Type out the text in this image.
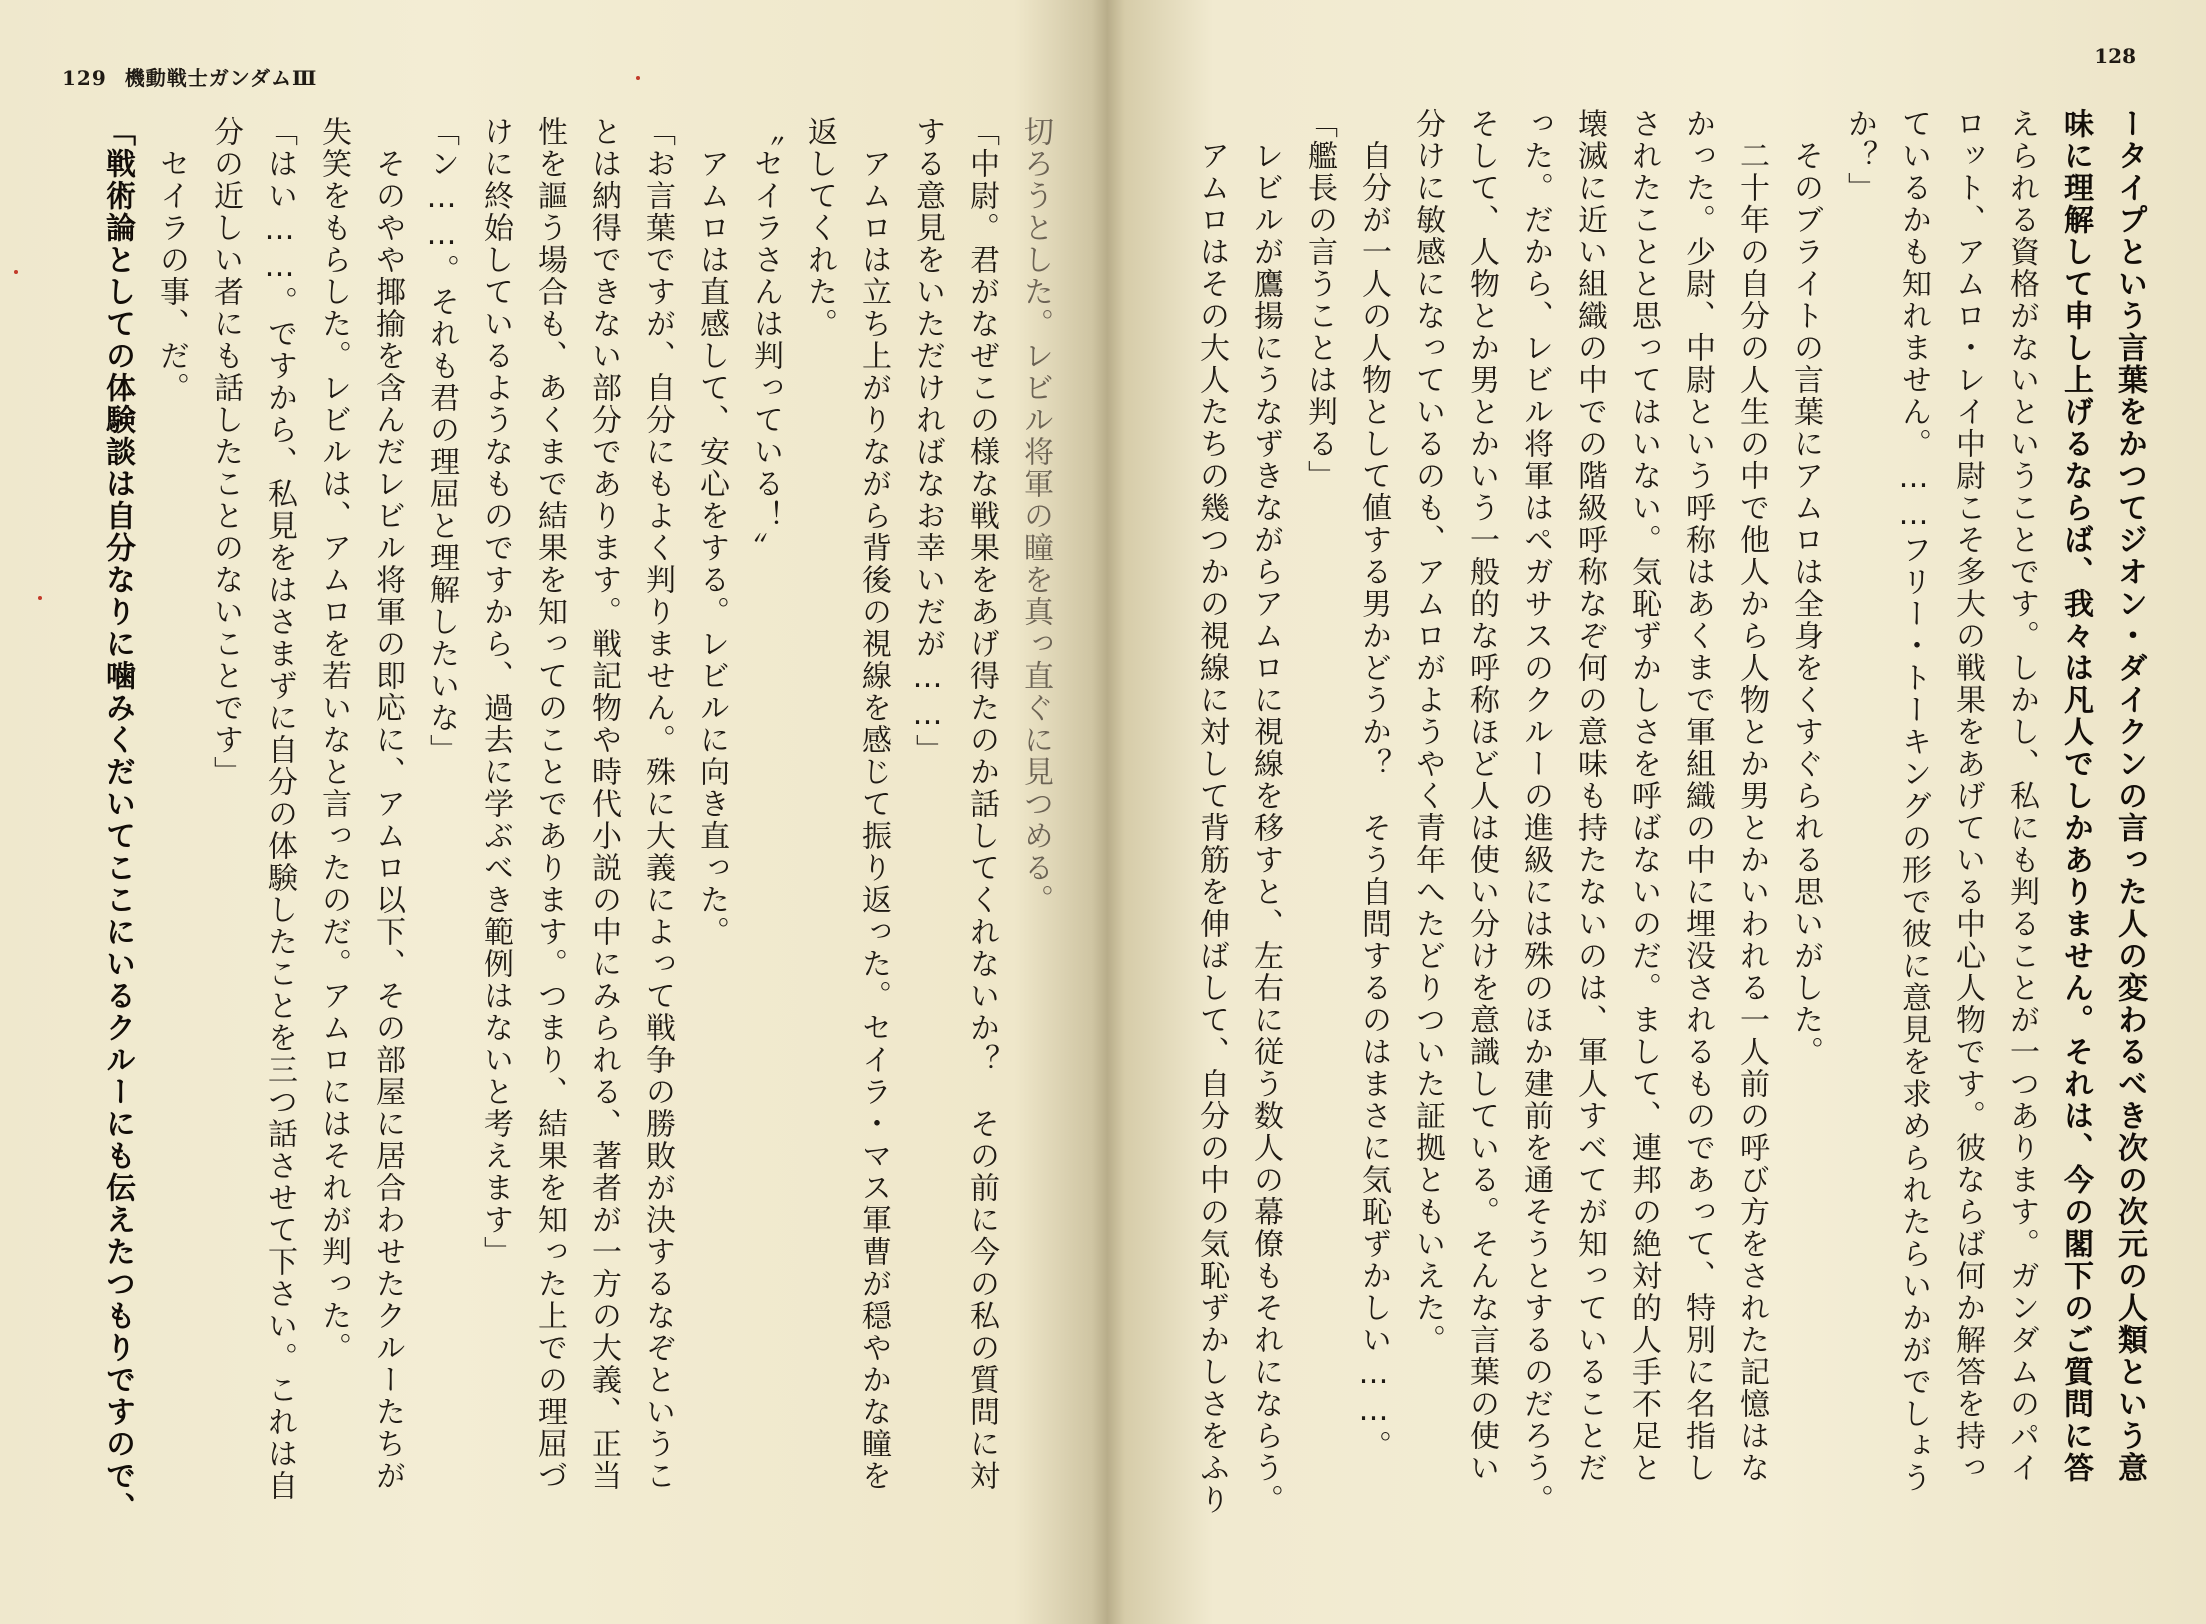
129 機動戦士ガンダムⅢ
切ろうとした。レビル将軍の瞳を真っ直ぐに見つめる。
「中尉。君がなぜこの様な戦果をあげ得たのか話してくれないか？　その前に今の私の質問に対
する意見をいただければなお幸いだが……」
　アムロは立ち上がりながら背後の視線を感じて振り返った。セイラ・マス軍曹が穏やかな瞳を
返してくれた。
〝セイラさんは判っている！〟
　アムロは直感して、安心をする。レビルに向き直った。
「お言葉ですが、自分にもよく判りません。殊に大義によって戦争の勝敗が決するなぞというこ
とは納得できない部分であります。戦記物や時代小説の中にみられる、著者が一方の大義、正当
性を謳う場合も、あくまで結果を知ってのことであります。つまり、結果を知った上での理屈づ
けに終始しているようなものですから、過去に学ぶべき範例はないと考えます」
「ン……。それも君の理屈と理解したいな」
　そのやや揶揄を含んだレビル将軍の即応に、アムロ以下、その部屋に居合わせたクルーたちが
失笑をもらした。レビルは、アムロを若いなと言ったのだ。アムロにはそれが判った。
「はい……。ですから、私見をはさまずに自分の体験したことを三つ話させて下さい。これは自
分の近しい者にも話したことのないことです」
　セイラの事、だ。
「戦術論としての体験談は自分なりに噛みくだいてここにいるクルーにも伝えたつもりですので、
128
ータイプという言葉をかつてジオン・ダイクンの言った人の変わるべき次の次元の人類という意
味に理解して申し上げるならば、我々は凡人でしかありません。それは、今の閣下のご質問に答
えられる資格がないということです。しかし、私にも判ることが一つあります。ガンダムのパイ
ロット、アムロ・レイ中尉こそ多大の戦果をあげている中心人物です。彼ならば何か解答を持っ
ているかも知れません。……フリー・トーキングの形で彼に意見を求められたらいかがでしょう
か？」
　そのブライトの言葉にアムロは全身をくすぐられる思いがした。
　二十年の自分の人生の中で他人から人物とか男とかいわれる一人前の呼び方をされた記憶はな
かった。少尉、中尉という呼称はあくまで軍組織の中に埋没されるものであって、特別に名指し
されたことと思ってはいない。気恥ずかしさを呼ばないのだ。まして、連邦の絶対的人手不足と
壊滅に近い組織の中での階級呼称なぞ何の意味も持たないのは、軍人すべてが知っていることだ
った。だから、レビル将軍はペガサスのクルーの進級には殊のほか建前を通そうとするのだろう。
そして、人物とか男とかいう一般的な呼称ほど人は使い分けを意識している。そんな言葉の使い
分けに敏感になっているのも、アムロがようやく青年へたどりついた証拠ともいえた。
　自分が一人の人物として値する男かどうか？　そう自問するのはまさに気恥ずかしい……。
「艦長の言うことは判る」
　レビルが鷹揚にうなずきながらアムロに視線を移すと、左右に従う数人の幕僚もそれにならう。
　アムロはその大人たちの幾つかの視線に対して背筋を伸ばして、自分の中の気恥ずかしさをふり
